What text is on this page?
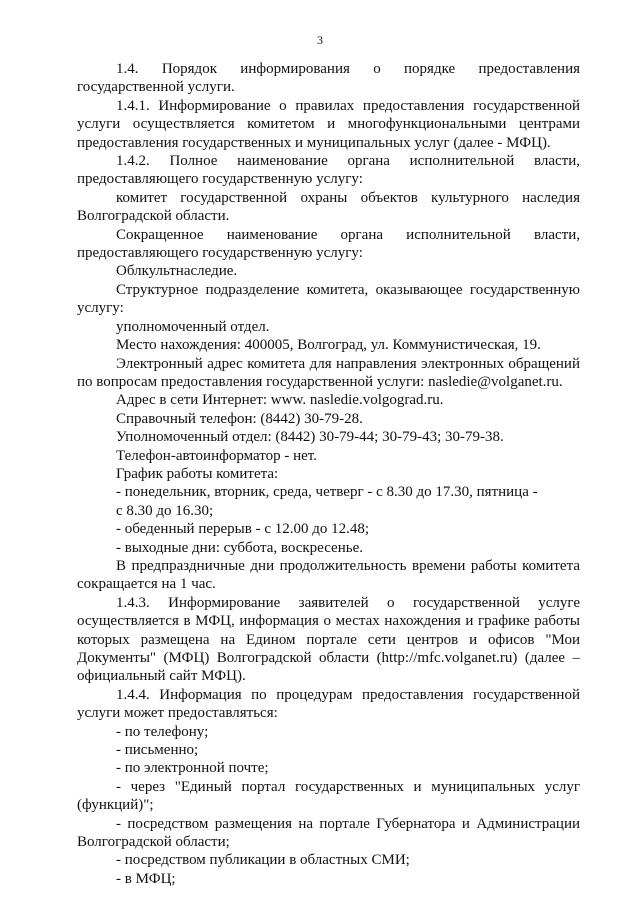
3
1.4. Порядок информирования о порядке предоставления
государственной услуги.
1.4.1. Информирование о правилах предоставления государственной
услуги осуществляется комитетом и многофункциональными центрами
предоставления государственных и муниципальных услуг (далее - МФЦ).
1.4.2. Полное наименование органа исполнительной власти,
предоставляющего государственную услугу:
комитет государственной охраны объектов культурного наследия
Волгоградской области.
Сокращенное наименование органа исполнительной власти,
предоставляющего государственную услугу:
Облкультнаследие.
Структурное подразделение комитета, оказывающее государственную
услугу:
уполномоченный отдел.
Место нахождения: 400005, Волгоград, ул. Коммунистическая, 19.
Электронный адрес комитета для направления электронных обращений
по вопросам предоставления государственной услуги: nasledie@volganet.ru.
Адрес в сети Интернет: www. nasledie.volgograd.ru.
Справочный телефон: (8442) 30-79-28.
Уполномоченный отдел: (8442) 30-79-44; 30-79-43; 30-79-38.
Телефон-автоинформатор - нет.
График работы комитета:
- понедельник, вторник, среда, четверг - с 8.30 до 17.30, пятница -
с 8.30 до 16.30;
- обеденный перерыв - с 12.00 до 12.48;
- выходные дни: суббота, воскресенье.
В предпраздничные дни продолжительность времени работы комитета
сокращается на 1 час.
1.4.3. Информирование заявителей о государственной услуге
осуществляется в МФЦ, информация о местах нахождения и графике работы
которых размещена на Едином портале сети центров и офисов "Мои
Документы" (МФЦ) Волгоградской области (http://mfc.volganet.ru) (далее –
официальный сайт МФЦ).
1.4.4. Информация по процедурам предоставления государственной
услуги может предоставляться:
- по телефону;
- письменно;
- по электронной почте;
- через "Единый портал государственных и муниципальных услуг
(функций)";
- посредством размещения на портале Губернатора и Администрации
Волгоградской области;
- посредством публикации в областных СМИ;
- в МФЦ;
